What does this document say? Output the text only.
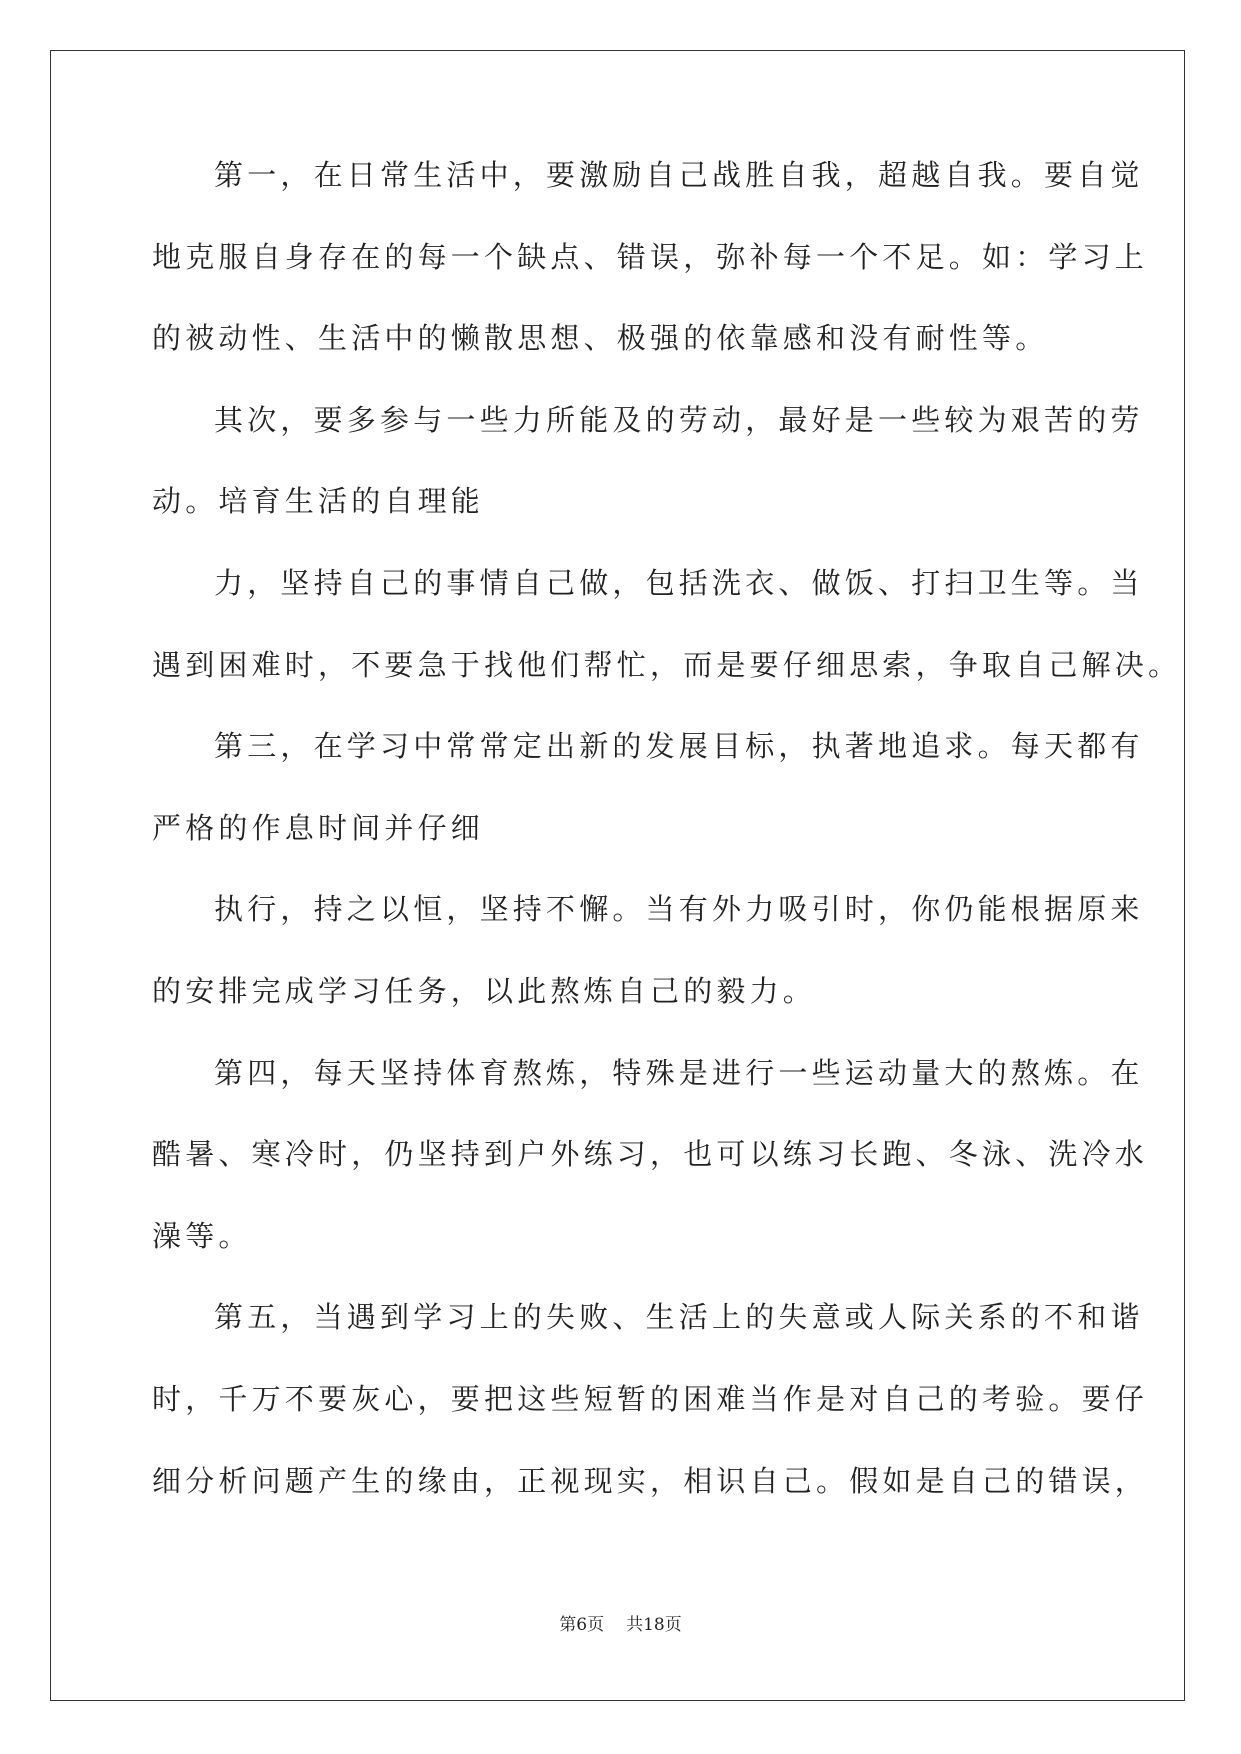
第一，在日常生活中，要激励自己战胜自我，超越自我。要自觉
地克服自身存在的每一个缺点、错误，弥补每一个不足。如：学习上
的被动性、生活中的懒散思想、极强的依靠感和没有耐性等。
其次，要多参与一些力所能及的劳动，最好是一些较为艰苦的劳
动。培育生活的自理能
力，坚持自己的事情自己做，包括洗衣、做饭、打扫卫生等。当
遇到困难时，不要急于找他们帮忙，而是要仔细思索，争取自己解决。
第三，在学习中常常定出新的发展目标，执著地追求。每天都有
严格的作息时间并仔细
执行，持之以恒，坚持不懈。当有外力吸引时，你仍能根据原来
的安排完成学习任务，以此熬炼自己的毅力。
第四，每天坚持体育熬炼，特殊是进行一些运动量大的熬炼。在
酷暑、寒冷时，仍坚持到户外练习，也可以练习长跑、冬泳、洗冷水
澡等。
第五，当遇到学习上的失败、生活上的失意或人际关系的不和谐
时，千万不要灰心，要把这些短暂的困难当作是对自己的考验。要仔
细分析问题产生的缘由，正视现实，相识自己。假如是自己的错误，
第6页 共18页
